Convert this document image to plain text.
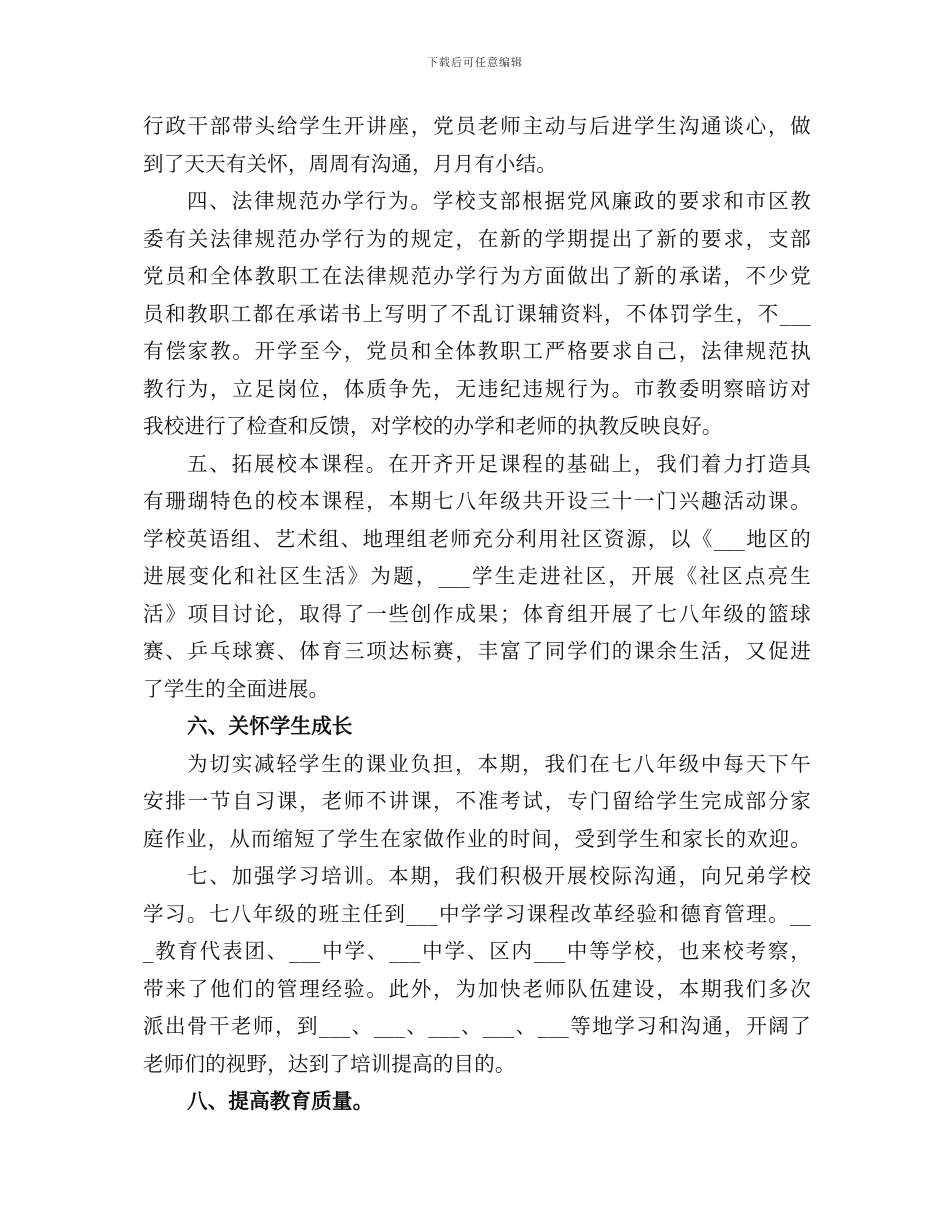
下载后可任意编辑
行政干部带头给学生开讲座，党员老师主动与后进学生沟通谈心，做
到了天天有关怀，周周有沟通，月月有小结。
四、法律规范办学行为。学校支部根据党风廉政的要求和市区教
委有关法律规范办学行为的规定，在新的学期提出了新的要求，支部
党员和全体教职工在法律规范办学行为方面做出了新的承诺，不少党
员和教职工都在承诺书上写明了不乱订课辅资料，不体罚学生，不___
有偿家教。开学至今，党员和全体教职工严格要求自己，法律规范执
教行为，立足岗位，体质争先，无违纪违规行为。市教委明察暗访对
我校进行了检查和反馈，对学校的办学和老师的执教反映良好。
五、拓展校本课程。在开齐开足课程的基础上，我们着力打造具
有珊瑚特色的校本课程，本期七八年级共开设三十一门兴趣活动课。
学校英语组、艺术组、地理组老师充分利用社区资源，以《___地区的
进展变化和社区生活》为题，___学生走进社区，开展《社区点亮生
活》项目讨论，取得了一些创作成果；体育组开展了七八年级的篮球
赛、乒乓球赛、体育三项达标赛，丰富了同学们的课余生活，又促进
了学生的全面进展。
六、关怀学生成长
为切实减轻学生的课业负担，本期，我们在七八年级中每天下午
安排一节自习课，老师不讲课，不准考试，专门留给学生完成部分家
庭作业，从而缩短了学生在家做作业的时间，受到学生和家长的欢迎。
七、加强学习培训。本期，我们积极开展校际沟通，向兄弟学校
学习。七八年级的班主任到___中学学习课程改革经验和德育管理。__
_教育代表团、___中学、___中学、区内___中等学校，也来校考察，
带来了他们的管理经验。此外，为加快老师队伍建设，本期我们多次
派出骨干老师，到___、___、___、___、___等地学习和沟通，开阔了
老师们的视野，达到了培训提高的目的。
八、提高教育质量。
